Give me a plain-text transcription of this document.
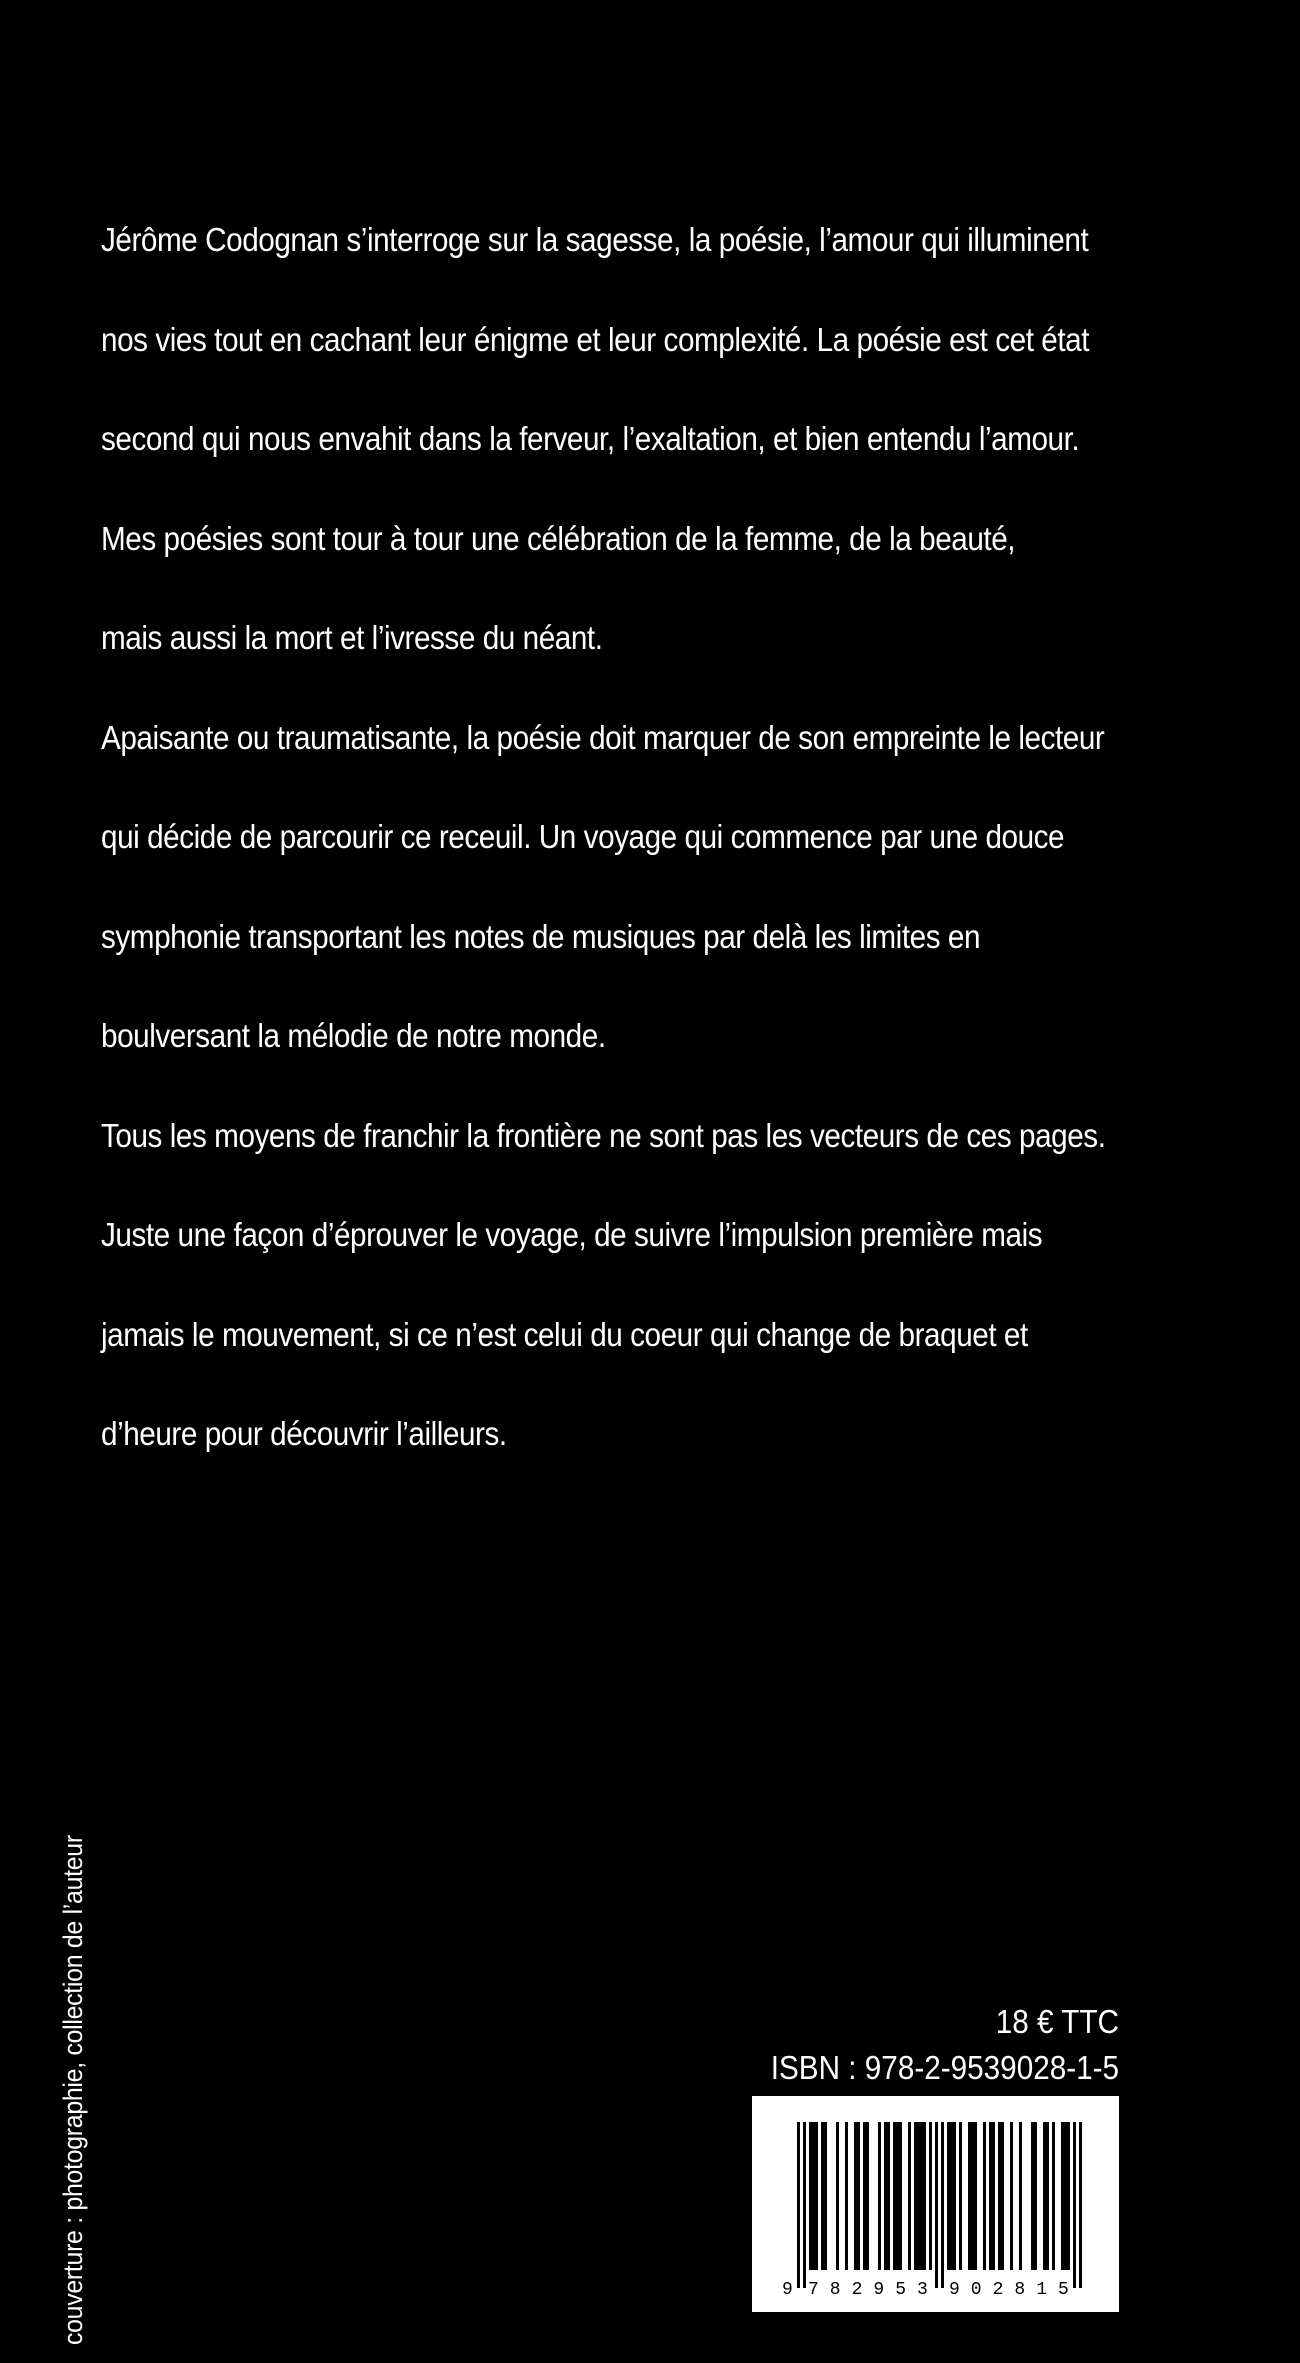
Jérôme Codognan s’interroge sur la sagesse, la poésie, l’amour qui illuminent
nos vies tout en cachant leur énigme et leur complexité. La poésie est cet état
second qui nous envahit dans la ferveur, l’exaltation, et bien entendu l’amour.
Mes poésies sont tour à tour une célébration de la femme, de la beauté,
mais aussi la mort et l’ivresse du néant.
Apaisante ou traumatisante, la poésie doit marquer de son empreinte le lecteur
qui décide de parcourir ce receuil. Un voyage qui commence par une douce
symphonie transportant les notes de musiques par delà les limites en
boulversant la mélodie de notre monde.
Tous les moyens de franchir la frontière ne sont pas les vecteurs de ces pages.
Juste une façon d’éprouver le voyage, de suivre l’impulsion première mais
jamais le mouvement, si ce n’est celui du coeur qui change de braquet et
d’heure pour découvrir l’ailleurs.
couverture : photographie, collection de l’auteur	18 € TTC
ISBN : 978-2-9539028-1-5
9 782953 902815
